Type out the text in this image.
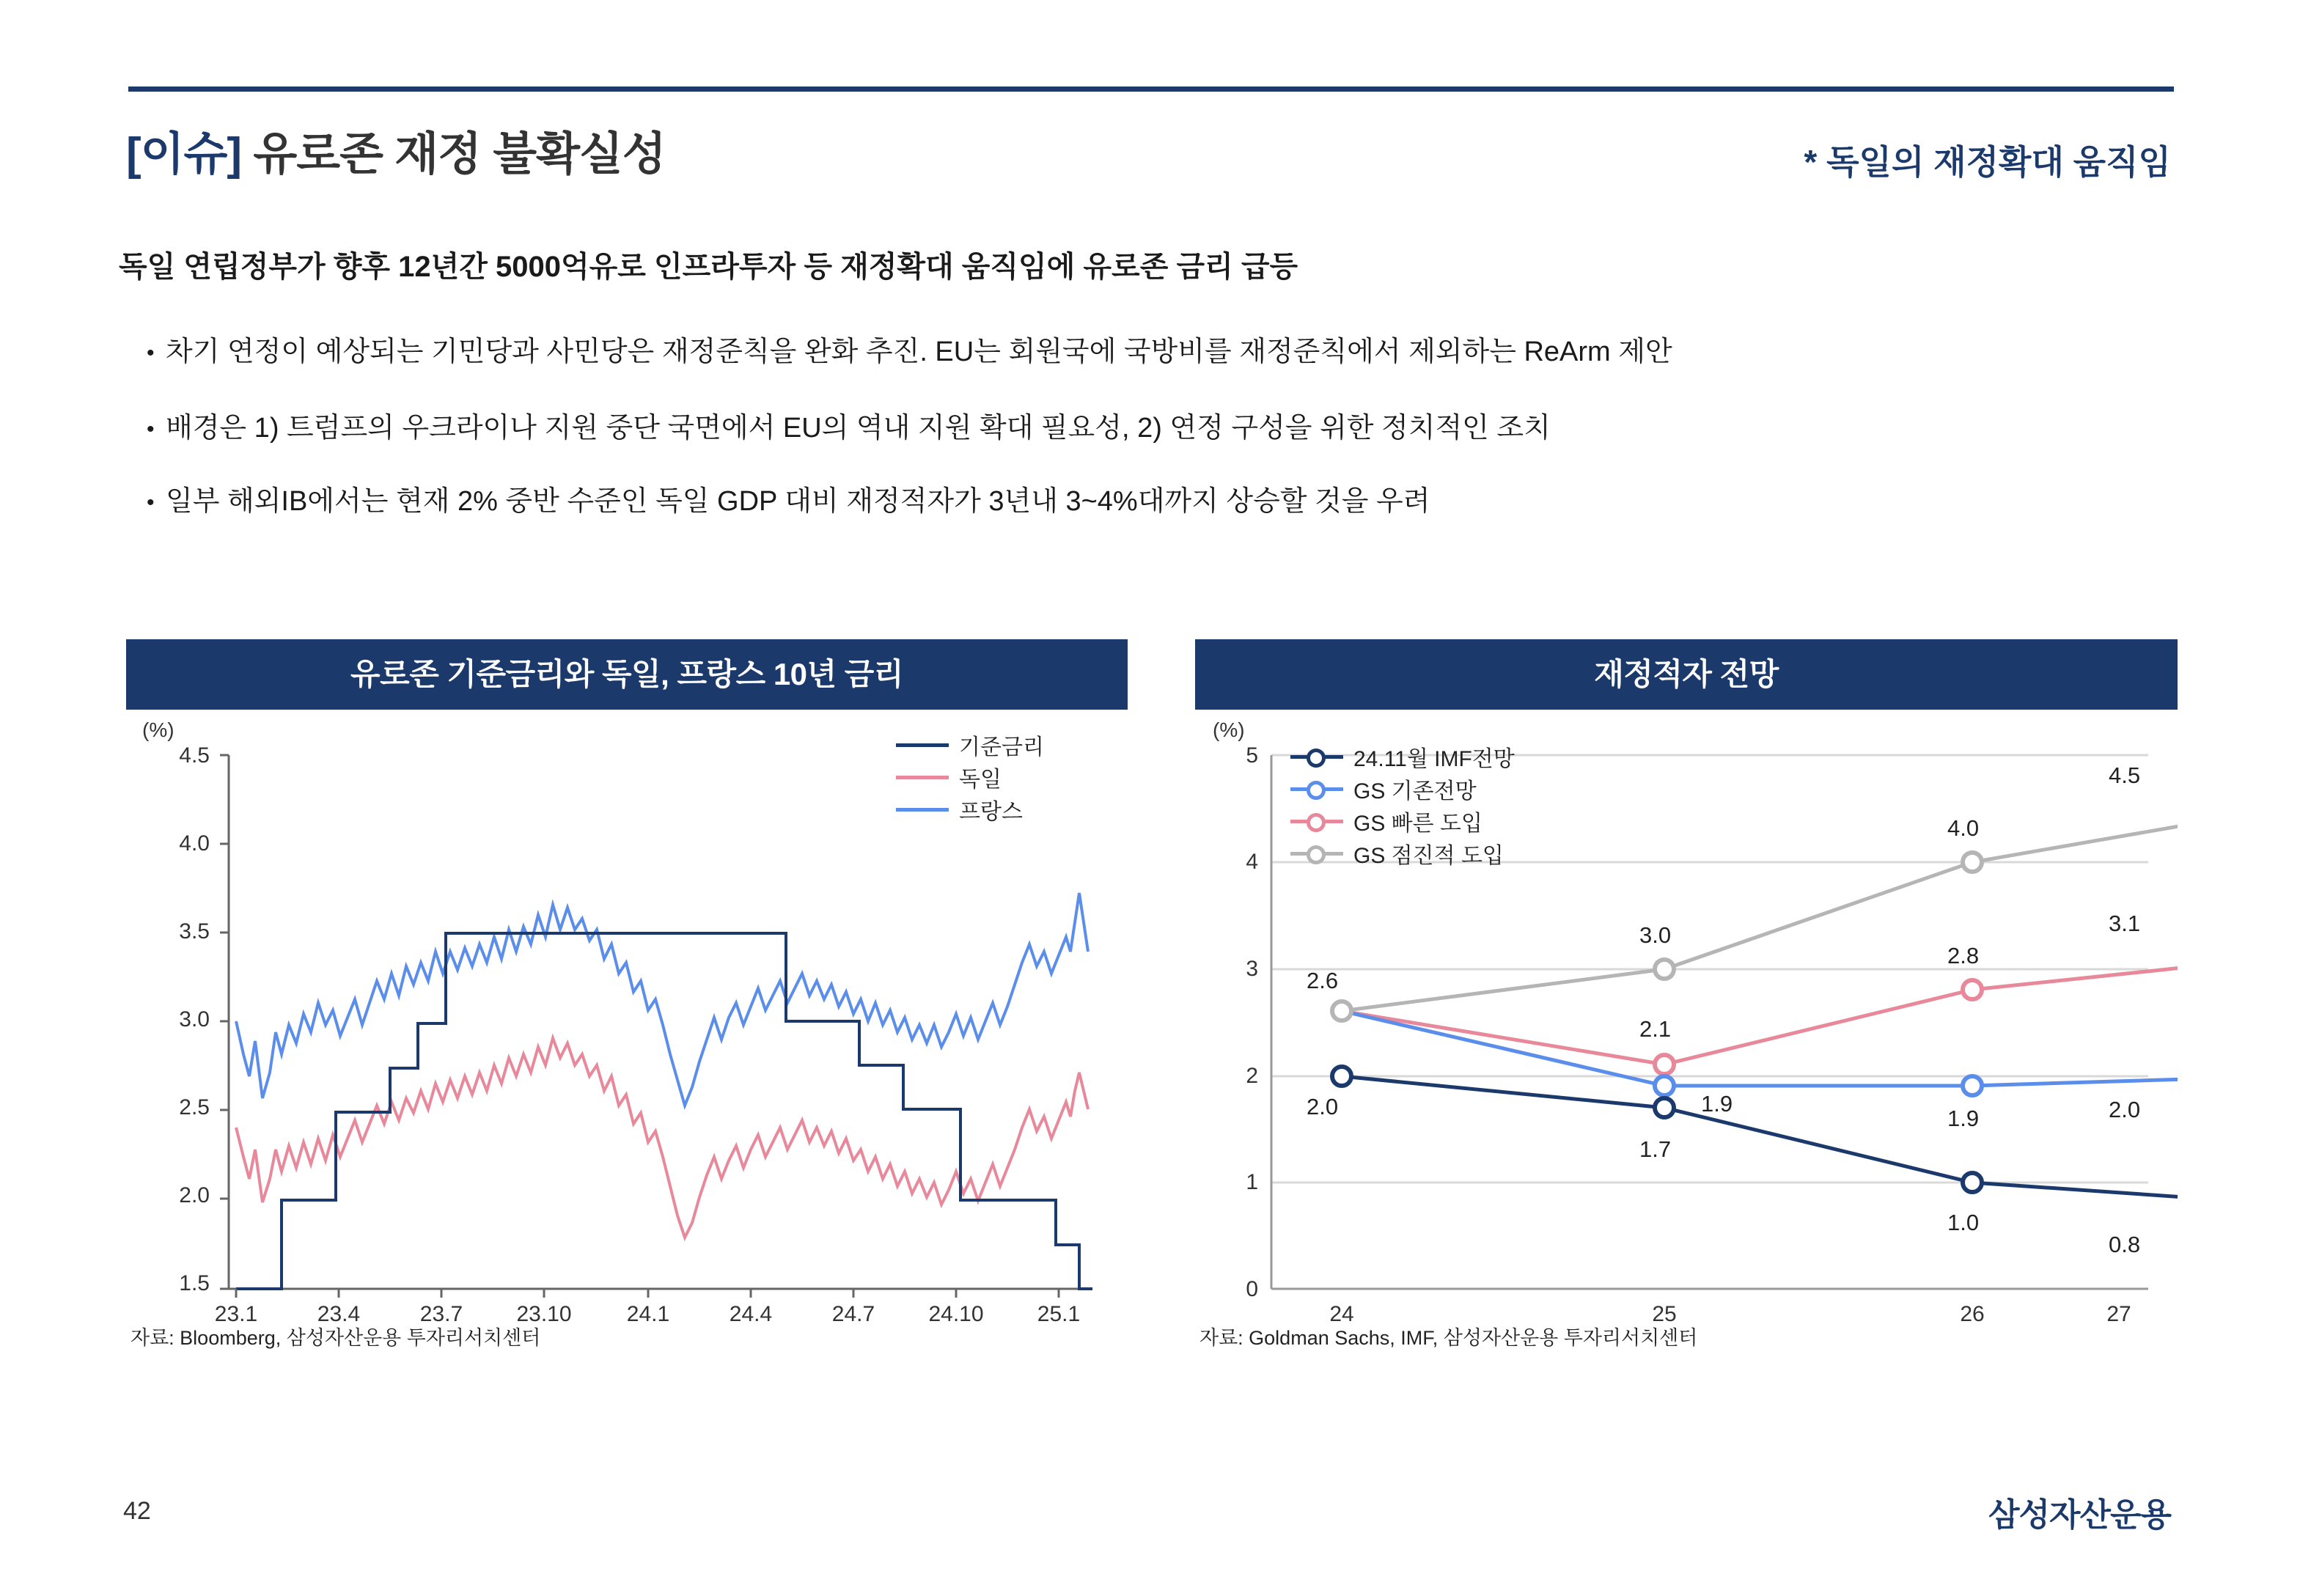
[이슈] 유로존 재정 불확실성	* 독일의 재정확대 움직임
독일 연립정부가 향후 12년간 5000억유로 인프라투자 등 재정확대 움직임에 유로존 금리 급등
• 차기 연정이 예상되는 기민당과 사민당은 재정준칙을 완화 추진. EU는 회원국에 국방비를 재정준칙에서 제외하는 ReArm 제안
• 배경은 1) 트럼프의 우크라이나 지원 중단 국면에서 EU의 역내 지원 확대 필요성, 2) 연정 구성을 위한 정치적인 조치
• 일부 해외IB에서는 현재 2% 중반 수준인 독일 GDP 대비 재정적자가 3년내 3~4%대까지 상승할 것을 우려
유로존 기준금리와 독일, 프랑스 10년 금리
(%)
4.5
4.0
3.5
3.0
2.5
2.0
1.5
23.1	23.4	23.7	23.10	24.1	24.4	24.7	24.10	25.1
기준금리
독일
프랑스
자료: Bloomberg, 삼성자산운용 투자리서치센터
재정적자 전망
(%)
5
4
3
2
1
0
2.6
2.0
3.0
2.1
1.9
1.7
4.0
2.8
1.9
1.0
4.5
3.1
2.0
0.8
24	25	26	27
24.11월 IMF전망
GS 기존전망
GS 빠른 도입
GS 점진적 도입
자료: Goldman Sachs, IMF, 삼성자산운용 투자리서치센터
42	삼성자산운용
